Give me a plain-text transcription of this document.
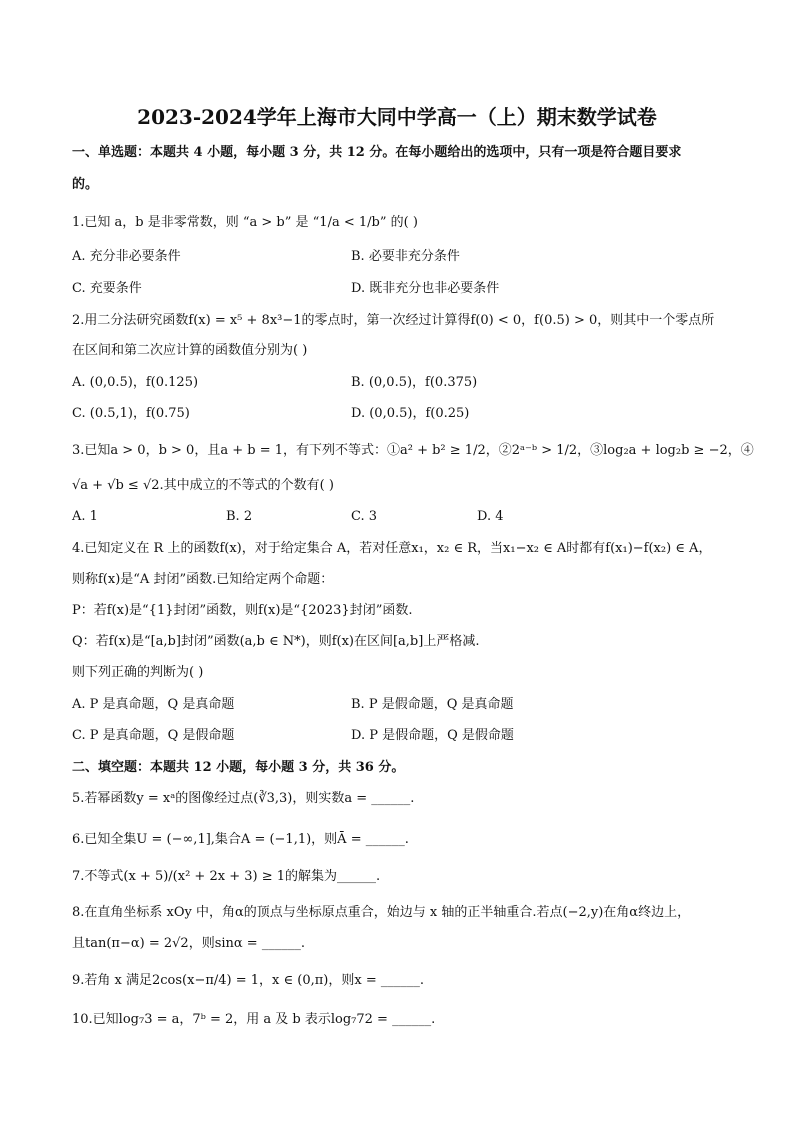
2023-2024学年上海市大同中学高一（上）期末数学试卷
一、单选题：本题共 4 小题，每小题 3 分，共 12 分。在每小题给出的选项中，只有一项是符合题目要求
的。
1.已知 a，b 是非零常数，则 “a > b” 是 “1/a < 1/b” 的( )
A. 充分非必要条件	B. 必要非充分条件
C. 充要条件	D. 既非充分也非必要条件
2.用二分法研究函数f(x) = x⁵ + 8x³−1的零点时，第一次经过计算得f(0) < 0，f(0.5) > 0，则其中一个零点所
在区间和第二次应计算的函数值分别为( )
A. (0,0.5)，f(0.125)	B. (0,0.5)，f(0.375)
C. (0.5,1)，f(0.75)	D. (0,0.5)，f(0.25)
3.已知a > 0，b > 0，且a + b = 1，有下列不等式：①a² + b² ≥ 1/2，②2ᵃ⁻ᵇ > 1/2，③log₂a + log₂b ≥ −2，④
√a + √b ≤ √2.其中成立的不等式的个数有( )
A. 1	B. 2	C. 3	D. 4
4.已知定义在 R 上的函数f(x)，对于给定集合 A，若对任意x₁，x₂ ∈ R，当x₁−x₂ ∈ A时都有f(x₁)−f(x₂) ∈ A，
则称f(x)是“A 封闭”函数.已知给定两个命题：
P：若f(x)是“{1}封闭”函数，则f(x)是“{2023}封闭”函数.
Q：若f(x)是“[a,b]封闭”函数(a,b ∈ N*)，则f(x)在区间[a,b]上严格减.
则下列正确的判断为( )
A. P 是真命题，Q 是真命题	B. P 是假命题，Q 是真命题
C. P 是真命题，Q 是假命题	D. P 是假命题，Q 是假命题
二、填空题：本题共 12 小题，每小题 3 分，共 36 分。
5.若幂函数y = xᵃ的图像经过点(∛3,3)，则实数a = ______.
6.已知全集U = (−∞,1],集合A = (−1,1)，则Ā = ______.
7.不等式(x + 5)/(x² + 2x + 3) ≥ 1的解集为______.
8.在直角坐标系 xOy 中，角α的顶点与坐标原点重合，始边与 x 轴的正半轴重合.若点(−2,y)在角α终边上，
且tan(π−α) = 2√2，则sinα = ______.
9.若角 x 满足2cos(x−π/4) = 1，x ∈ (0,π)，则x = ______.
10.已知log₇3 = a，7ᵇ = 2，用 a 及 b 表示log₇72 = ______.
